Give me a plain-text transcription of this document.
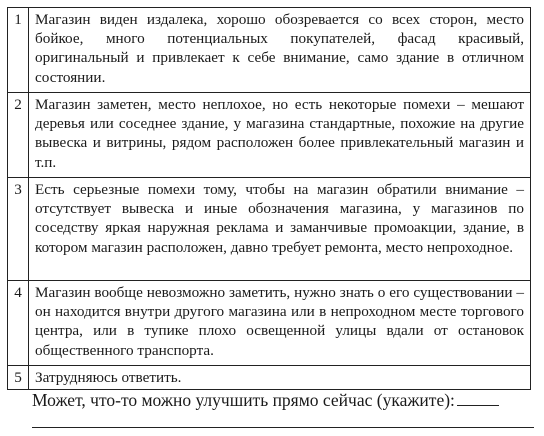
1	Магазин виден издалека, хорошо обозревается со всех сторон, место бойкое, много потенциальных покупателей, фасад красивый, оригинальный и привлекает к себе внимание, само здание в отличном состоянии.
2	Магазин заметен, место неплохое, но есть некоторые помехи – мешают деревья или соседнее здание, у магазина стандартные, похожие на другие вывеска и витрины, рядом расположен более привлекательный магазин и т.п.
3	Есть серьезные помехи тому, чтобы на магазин обратили внимание – отсутствует вывеска и иные обозначения магазина, у магазинов по соседству яркая наружная реклама и заманчивые промоакции, здание, в котором магазин расположен, давно требует ремонта, место непроходное.
4	Магазин вообще невозможно заметить, нужно знать о его существовании – он находится внутри другого магазина или в непроходном месте торгового центра, или в тупике плохо освещенной улицы вдали от остановок общественного транспорта.
5	Затрудняюсь ответить.
Может, что-то можно улучшить прямо сейчас (укажите):
